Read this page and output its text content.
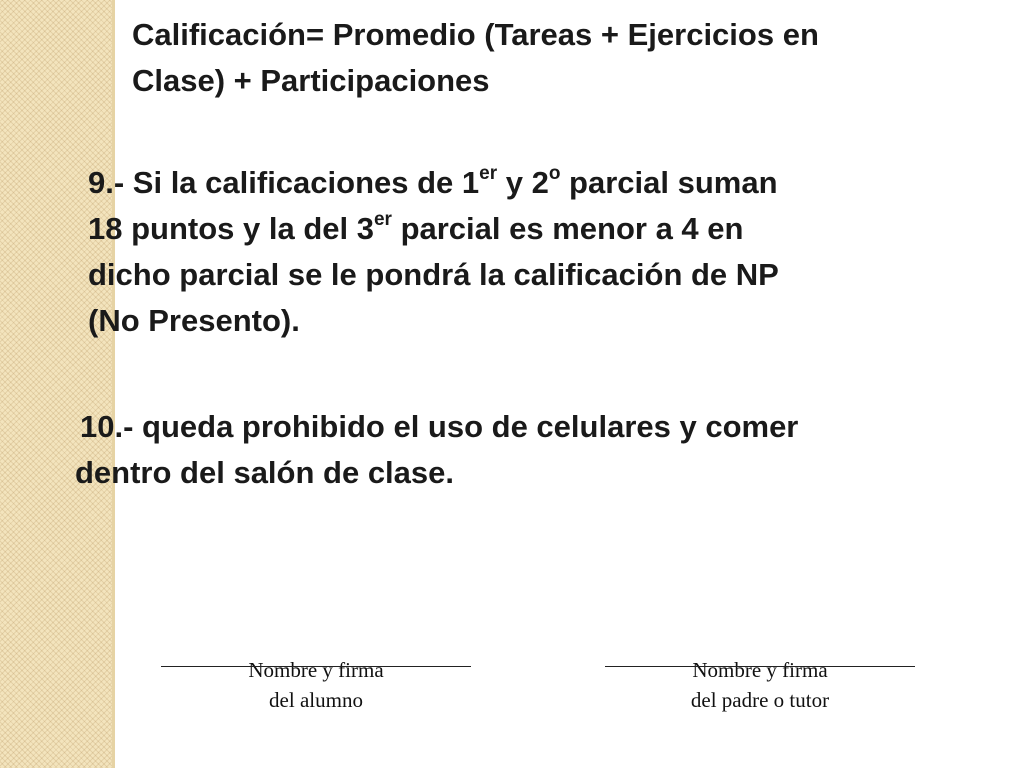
Calificación= Promedio (Tareas + Ejercicios en
Clase) + Participaciones
9.- Si la calificaciones de 1er y 2$^o$ parcial suman
18 puntos y la del 3er parcial es menor a 4 en
dicho parcial se le pondrá la calificación de NP
(No Presento).
10.- queda prohibido el uso de celulares y comer
dentro del salón de clase.
Nombre y firma
del alumno
Nombre y firma
del padre o tutor
